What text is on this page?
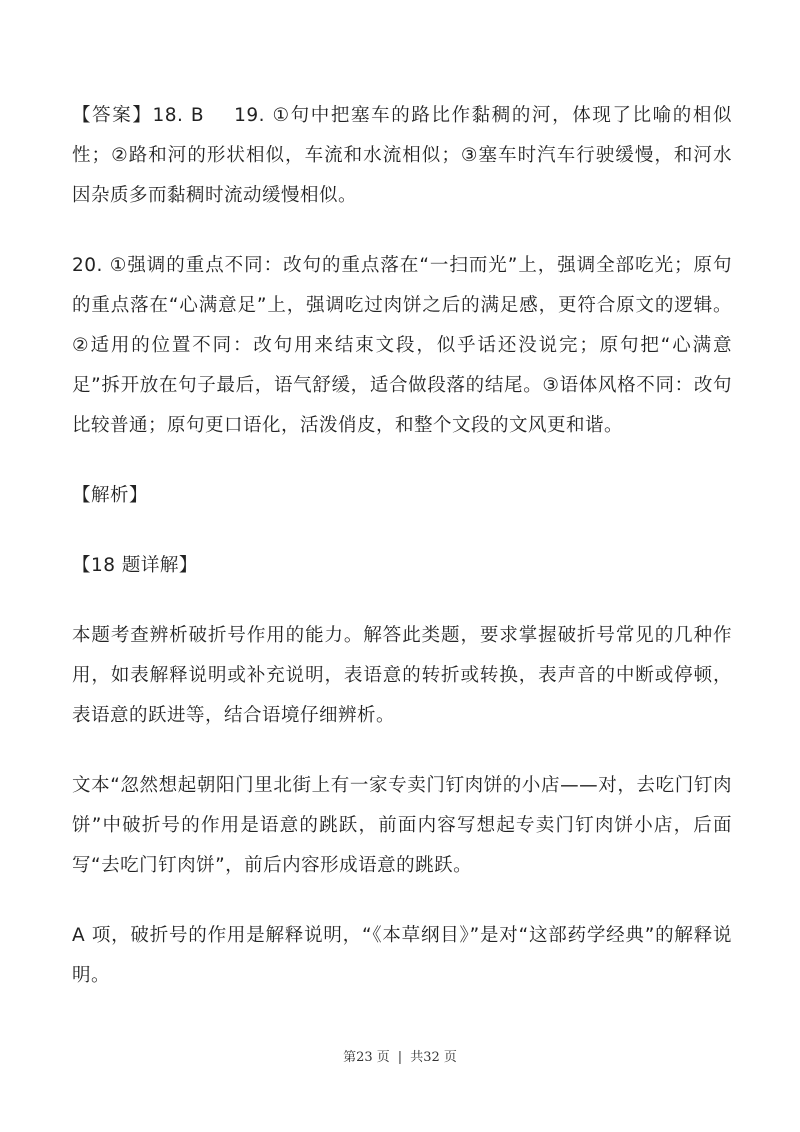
【答案】18. B 19. ①句中把塞车的路比作黏稠的河，体现了比喻的相似性；②路和河的形状相似，车流和水流相似；③塞车时汽车行驶缓慢，和河水因杂质多而黏稠时流动缓慢相似。

20. ①强调的重点不同：改句的重点落在“一扫而光”上，强调全部吃光；原句的重点落在“心满意足”上，强调吃过肉饼之后的满足感，更符合原文的逻辑。②适用的位置不同：改句用来结束文段，似乎话还没说完；原句把“心满意足”拆开放在句子最后，语气舒缓，适合做段落的结尾。③语体风格不同：改句比较普通；原句更口语化，活泼俏皮，和整个文段的文风更和谐。

【解析】

【18 题详解】

本题考查辨析破折号作用的能力。解答此类题，要求掌握破折号常见的几种作用，如表解释说明或补充说明，表语意的转折或转换，表声音的中断或停顿，表语意的跃进等，结合语境仔细辨析。

文本“忽然想起朝阳门里北街上有一家专卖门钉肉饼的小店——对，去吃门钉肉饼”中破折号的作用是语意的跳跃，前面内容写想起专卖门钉肉饼小店，后面写“去吃门钉肉饼”，前后内容形成语意的跳跃。

A 项，破折号的作用是解释说明，“《本草纲目》”是对“这部药学经典”的解释说明。

第23 页 | 共32 页
